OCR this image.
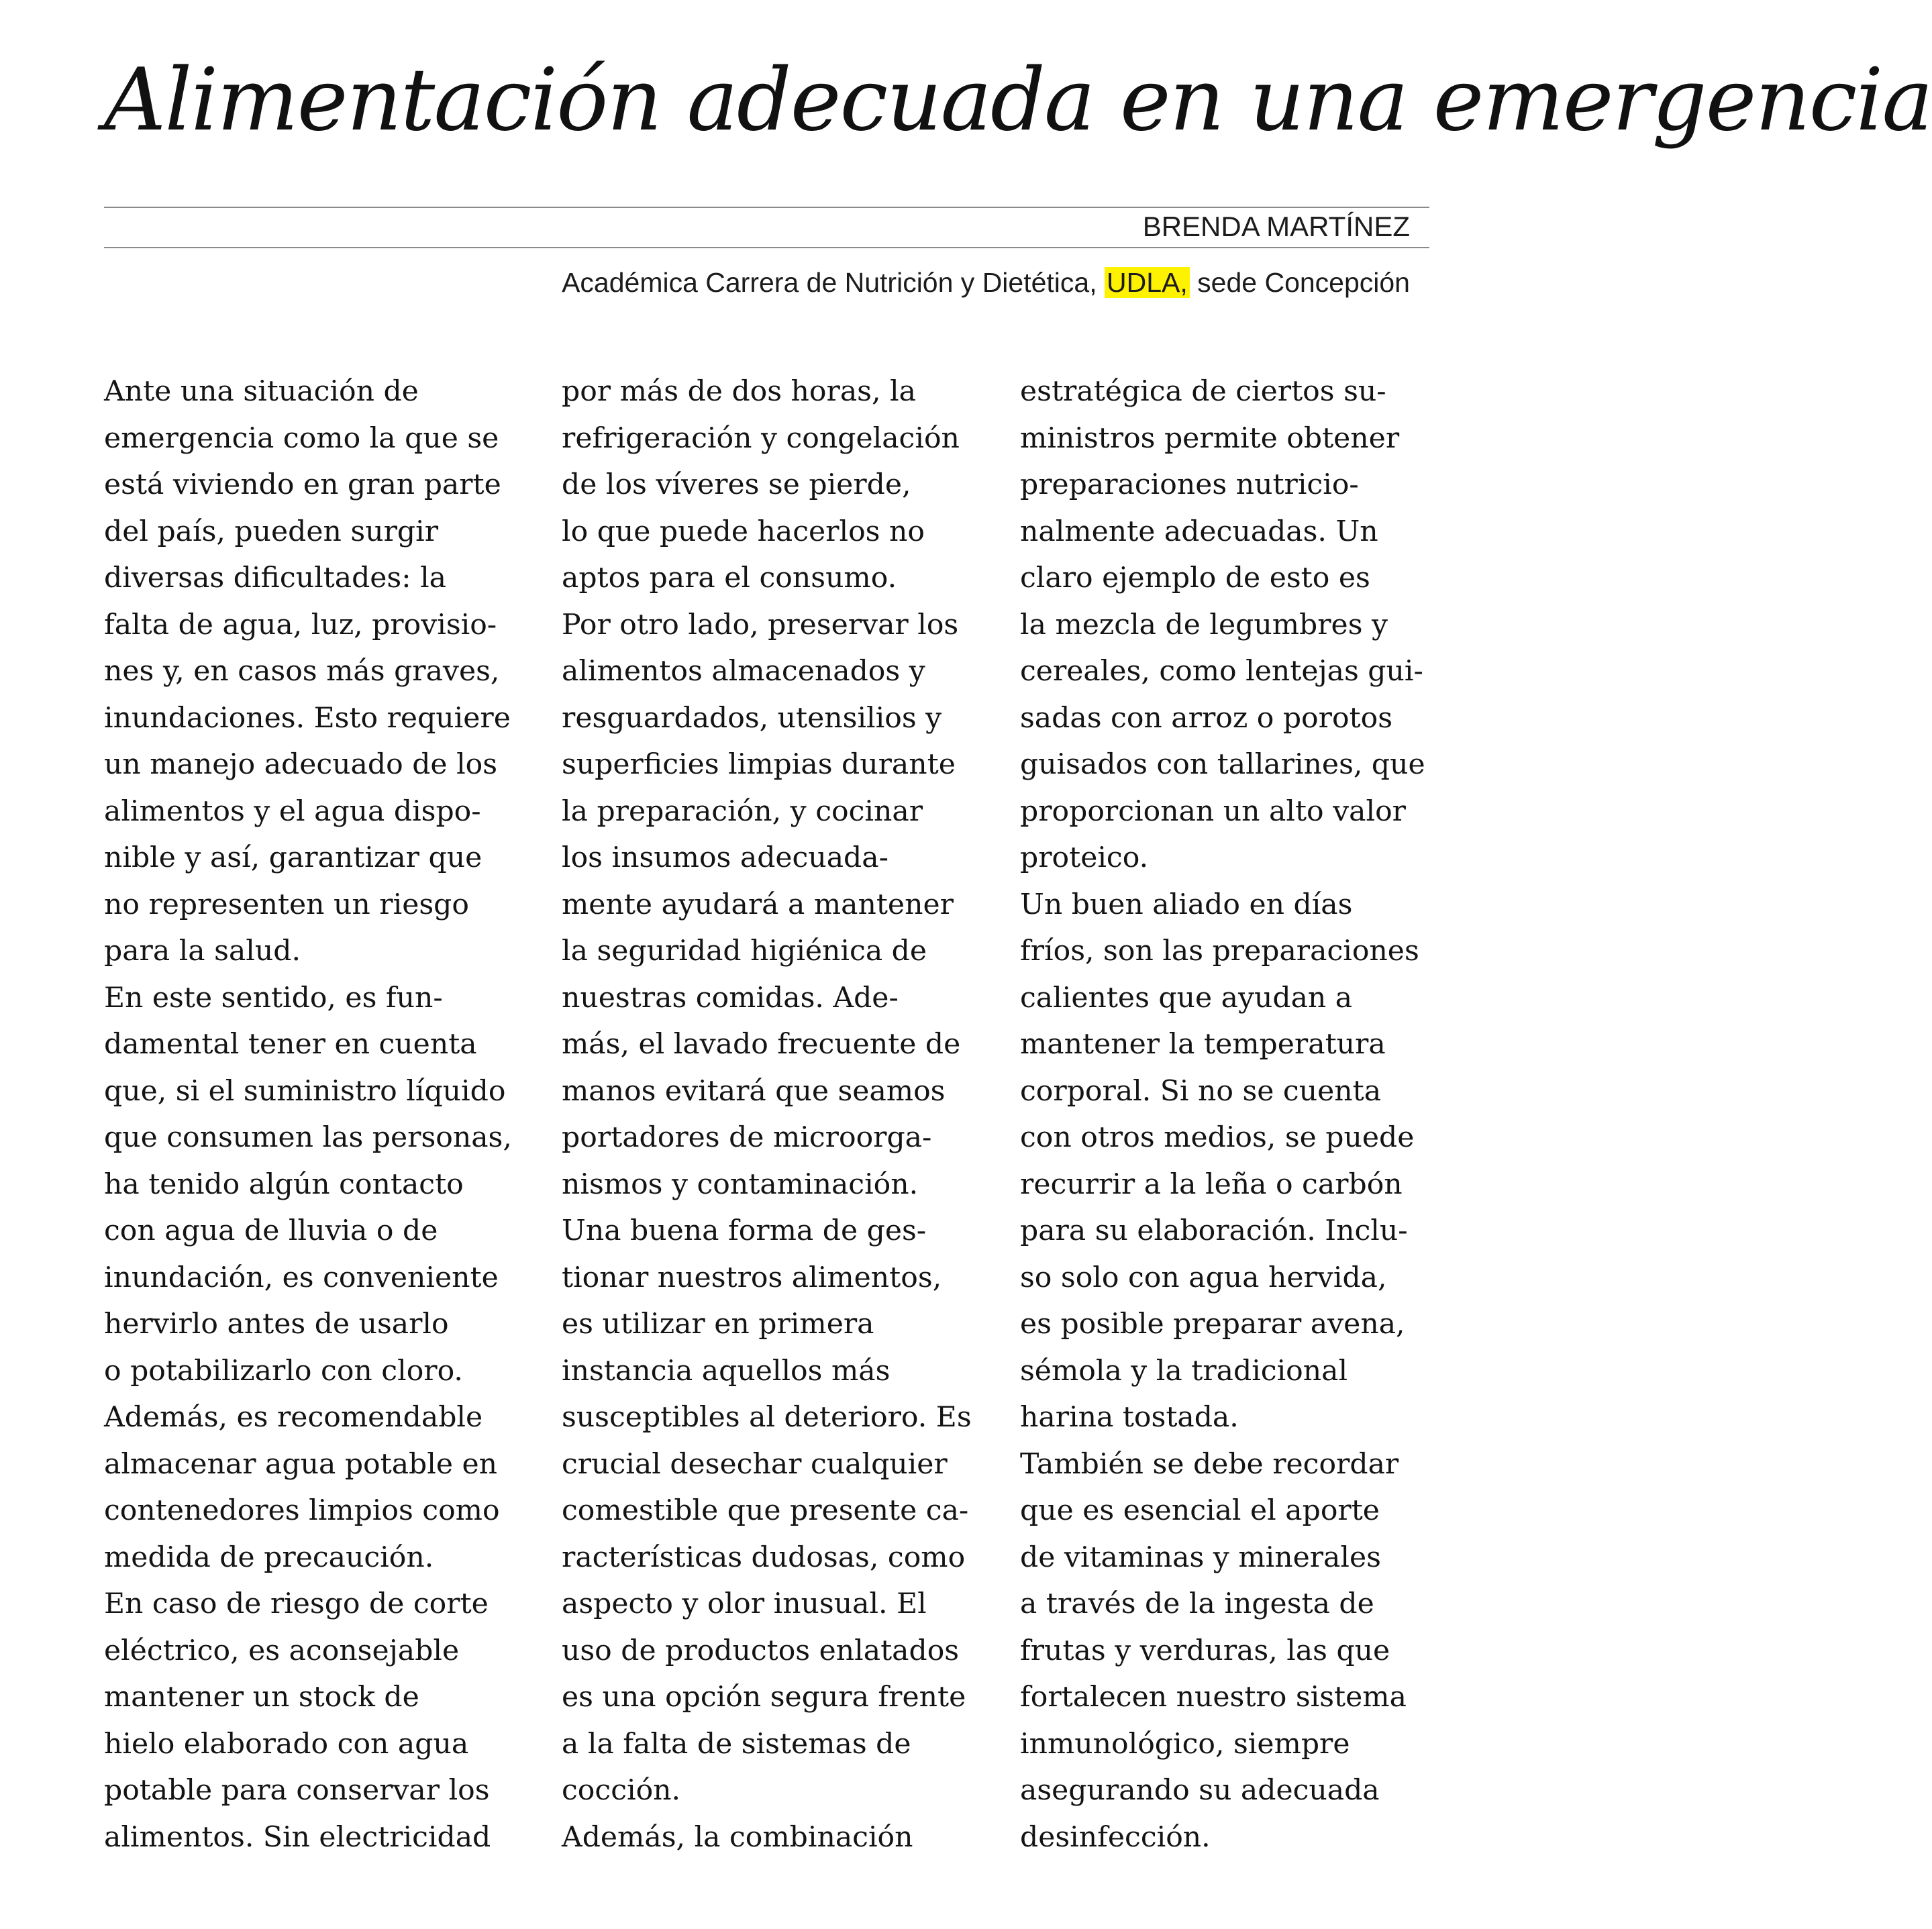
Alimentación adecuada en una emergencia
BRENDA MARTÍNEZ
Académica Carrera de Nutrición y Dietética, UDLA, sede Concepción
Ante una situación de
emergencia como la que se
está viviendo en gran parte
del país, pueden surgir
diversas dificultades: la
falta de agua, luz, provisio-
nes y, en casos más graves,
inundaciones. Esto requiere
un manejo adecuado de los
alimentos y el agua dispo-
nible y así, garantizar que
no representen un riesgo
para la salud.
En este sentido, es fun-
damental tener en cuenta
que, si el suministro líquido
que consumen las personas,
ha tenido algún contacto
con agua de lluvia o de
inundación, es conveniente
hervirlo antes de usarlo
o potabilizarlo con cloro.
Además, es recomendable
almacenar agua potable en
contenedores limpios como
medida de precaución.
En caso de riesgo de corte
eléctrico, es aconsejable
mantener un stock de
hielo elaborado con agua
potable para conservar los
alimentos. Sin electricidad
por más de dos horas, la
refrigeración y congelación
de los víveres se pierde,
lo que puede hacerlos no
aptos para el consumo.
Por otro lado, preservar los
alimentos almacenados y
resguardados, utensilios y
superficies limpias durante
la preparación, y cocinar
los insumos adecuada-
mente ayudará a mantener
la seguridad higiénica de
nuestras comidas. Ade-
más, el lavado frecuente de
manos evitará que seamos
portadores de microorga-
nismos y contaminación.
Una buena forma de ges-
tionar nuestros alimentos,
es utilizar en primera
instancia aquellos más
susceptibles al deterioro. Es
crucial desechar cualquier
comestible que presente ca-
racterísticas dudosas, como
aspecto y olor inusual. El
uso de productos enlatados
es una opción segura frente
a la falta de sistemas de
cocción.
Además, la combinación
estratégica de ciertos su-
ministros permite obtener
preparaciones nutricio-
nalmente adecuadas. Un
claro ejemplo de esto es
la mezcla de legumbres y
cereales, como lentejas gui-
sadas con arroz o porotos
guisados con tallarines, que
proporcionan un alto valor
proteico.
Un buen aliado en días
fríos, son las preparaciones
calientes que ayudan a
mantener la temperatura
corporal. Si no se cuenta
con otros medios, se puede
recurrir a la leña o carbón
para su elaboración. Inclu-
so solo con agua hervida,
es posible preparar avena,
sémola y la tradicional
harina tostada.
También se debe recordar
que es esencial el aporte
de vitaminas y minerales
a través de la ingesta de
frutas y verduras, las que
fortalecen nuestro sistema
inmunológico, siempre
asegurando su adecuada
desinfección.
